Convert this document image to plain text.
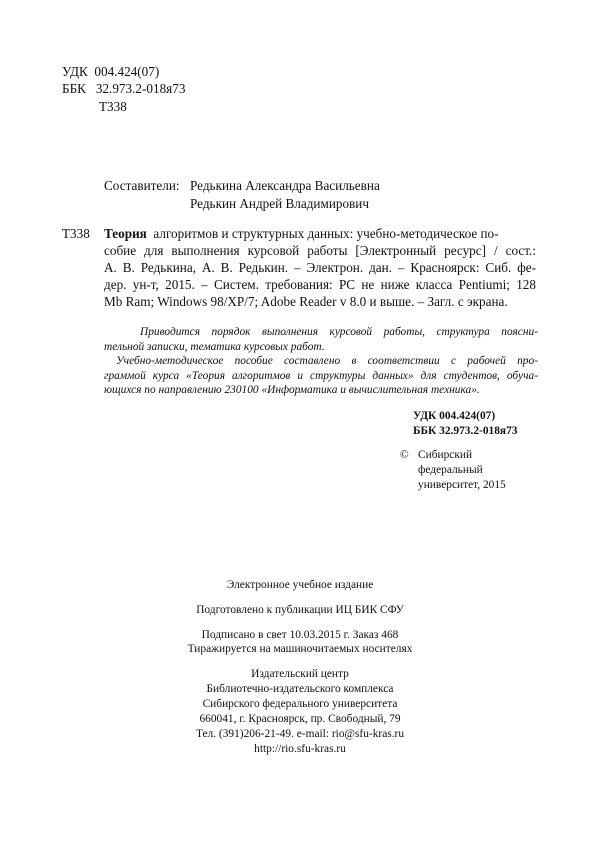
УДК 004.424(07)
ББК 32.973.2-018я73
Т338
Составители: Редькина Александра Васильевна
Редькин Андрей Владимирович
Т338 Теория алгоритмов и структурных данных: учебно-методическое по-
собие для выполнения курсовой работы [Электронный ресурс] / сост.:
А. В. Редькина, А. В. Редькин. – Электрон. дан. – Красноярск: Сиб. фе-
дер. ун-т, 2015. – Систем. требования: PC не ниже класса Pentiumi; 128
Mb Ram; Windows 98/XP/7; Adobe Reader v 8.0 и выше. – Загл. с экрана.
Приводится порядок выполнения курсовой работы, структура поясни-
тельной записки, тематика курсовых работ.
Учебно-методическое пособие составлено в соответствии с рабочей про-
граммой курса «Теория алгоритмов и структуры данных» для студентов, обуча-
ющихся по направлению 230100 «Информатика и вычислительная техника».
УДК 004.424(07)
ББК 32.973.2-018я73
© Сибирский
федеральный
университет, 2015
Электронное учебное издание
Подготовлено к публикации ИЦ БИК СФУ
Подписано в свет 10.03.2015 г. Заказ 468
Тиражируется на машиночитаемых носителях
Издательский центр
Библиотечно-издательского комплекса
Сибирского федерального университета
660041, г. Красноярск, пр. Свободный, 79
Тел. (391)206-21-49. e-mail: rio@sfu-kras.ru
http://rio.sfu-kras.ru
